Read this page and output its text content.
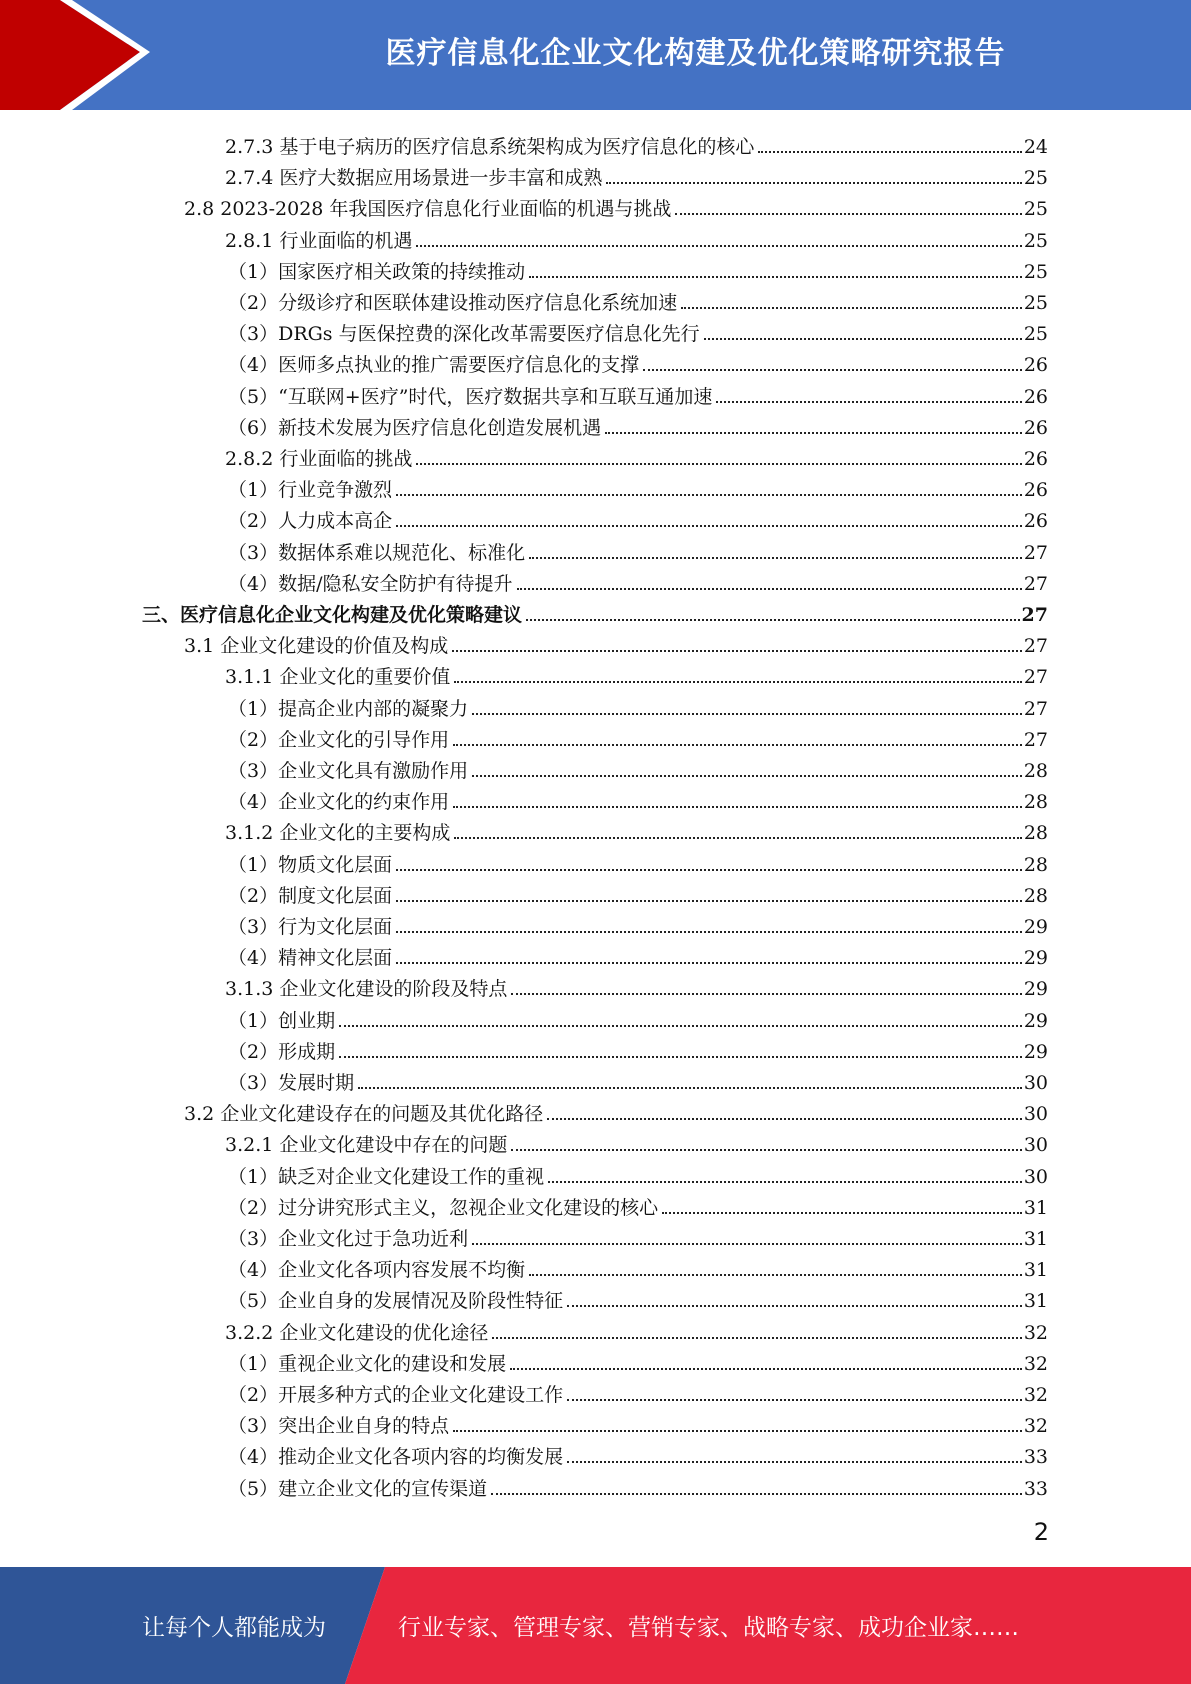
医疗信息化企业文化构建及优化策略研究报告
2.7.3 基于电子病历的医疗信息系统架构成为医疗信息化的核心	24
2.7.4 医疗大数据应用场景进一步丰富和成熟	25
2.8 2023-2028 年我国医疗信息化行业面临的机遇与挑战	25
2.8.1 行业面临的机遇	25
（1）国家医疗相关政策的持续推动	25
（2）分级诊疗和医联体建设推动医疗信息化系统加速	25
（3）DRGs 与医保控费的深化改革需要医疗信息化先行	25
（4）医师多点执业的推广需要医疗信息化的支撑	26
（5）“互联网+医疗”时代，医疗数据共享和互联互通加速	26
（6）新技术发展为医疗信息化创造发展机遇	26
2.8.2 行业面临的挑战	26
（1）行业竞争激烈	26
（2）人力成本高企	26
（3）数据体系难以规范化、标准化	27
（4）数据/隐私安全防护有待提升	27
三、医疗信息化企业文化构建及优化策略建议	27
3.1 企业文化建设的价值及构成	27
3.1.1 企业文化的重要价值	27
（1）提高企业内部的凝聚力	27
（2）企业文化的引导作用	27
（3）企业文化具有激励作用	28
（4）企业文化的约束作用	28
3.1.2 企业文化的主要构成	28
（1）物质文化层面	28
（2）制度文化层面	28
（3）行为文化层面	29
（4）精神文化层面	29
3.1.3 企业文化建设的阶段及特点	29
（1）创业期	29
（2）形成期	29
（3）发展时期	30
3.2 企业文化建设存在的问题及其优化路径	30
3.2.1 企业文化建设中存在的问题	30
（1）缺乏对企业文化建设工作的重视	30
（2）过分讲究形式主义，忽视企业文化建设的核心	31
（3）企业文化过于急功近利	31
（4）企业文化各项内容发展不均衡	31
（5）企业自身的发展情况及阶段性特征	31
3.2.2 企业文化建设的优化途径	32
（1）重视企业文化的建设和发展	32
（2）开展多种方式的企业文化建设工作	32
（3）突出企业自身的特点	32
（4）推动企业文化各项内容的均衡发展	33
（5）建立企业文化的宣传渠道	33
2
让每个人都能成为	行业专家、管理专家、营销专家、战略专家、成功企业家……
